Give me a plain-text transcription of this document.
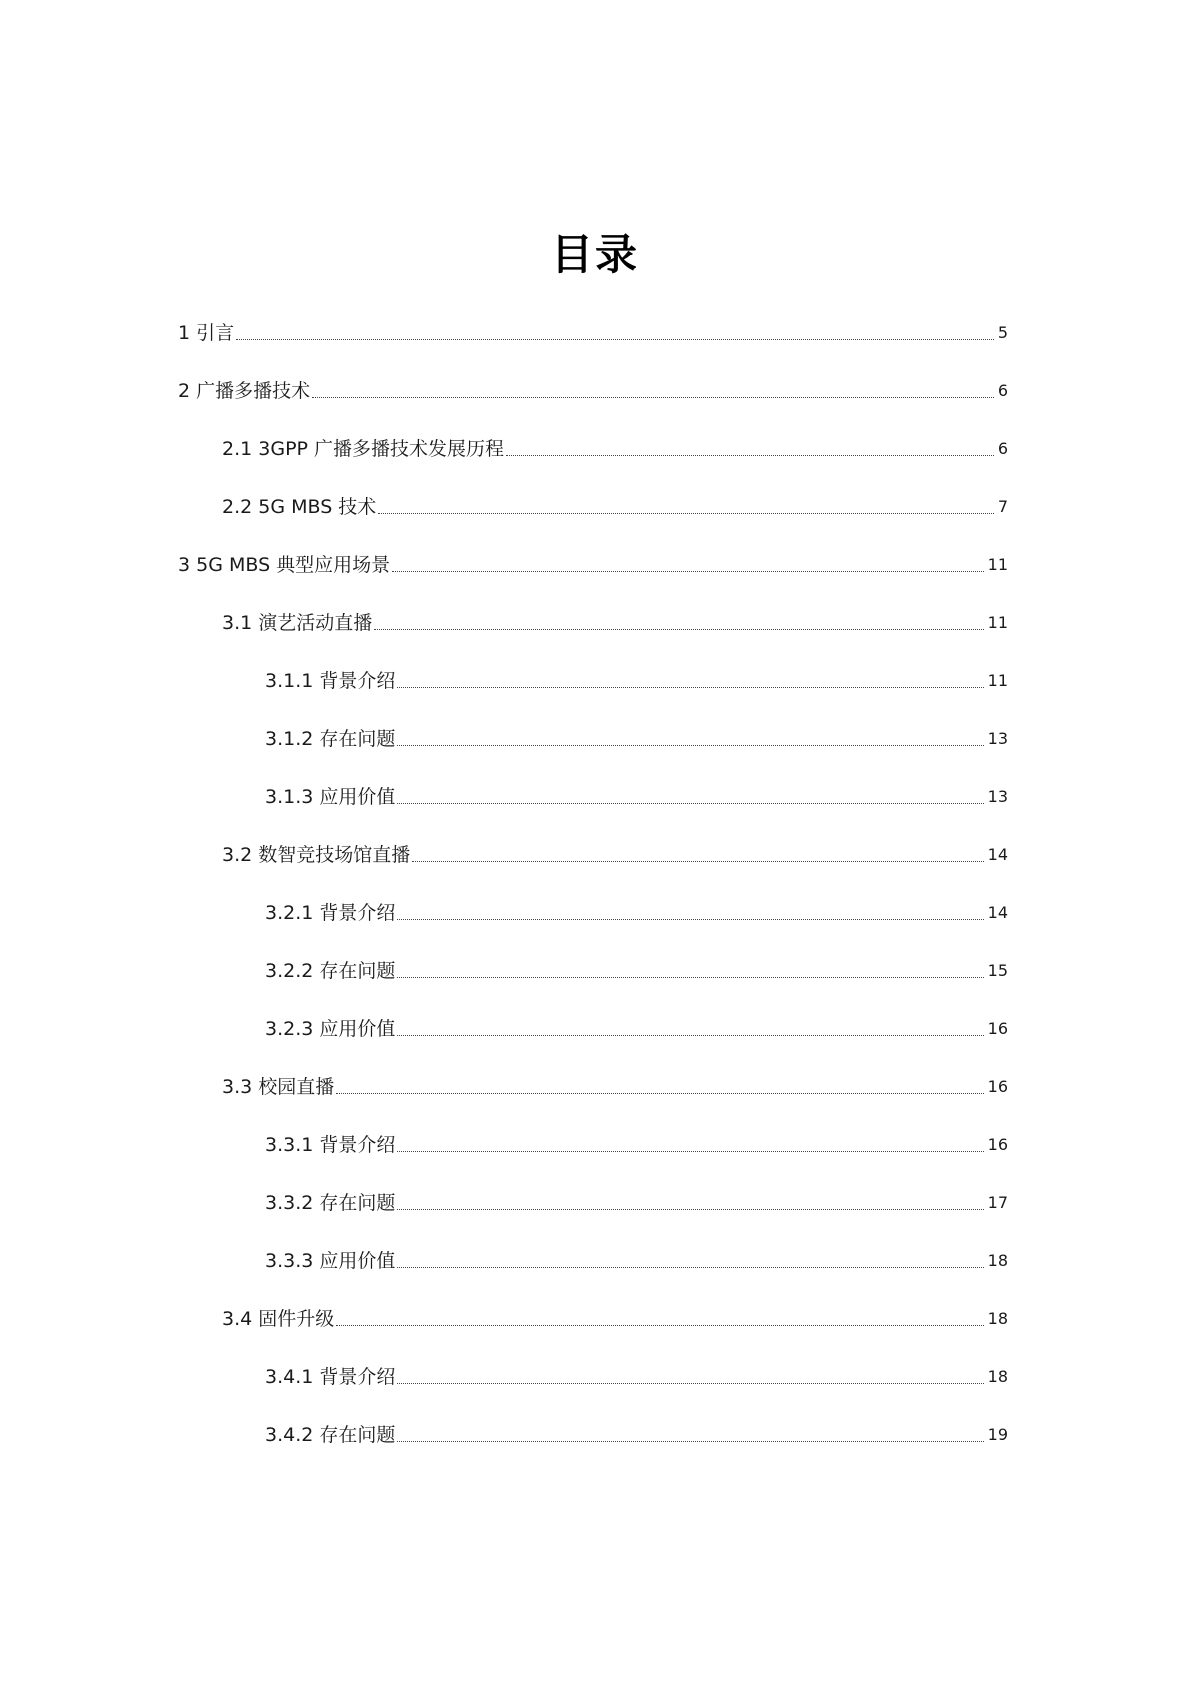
目录
1 引言	5
2 广播多播技术	6
2.1 3GPP 广播多播技术发展历程	6
2.2 5G MBS 技术	7
3 5G MBS 典型应用场景	11
3.1 演艺活动直播	11
3.1.1 背景介绍	11
3.1.2 存在问题	13
3.1.3 应用价值	13
3.2 数智竞技场馆直播	14
3.2.1 背景介绍	14
3.2.2 存在问题	15
3.2.3 应用价值	16
3.3 校园直播	16
3.3.1 背景介绍	16
3.3.2 存在问题	17
3.3.3 应用价值	18
3.4 固件升级	18
3.4.1 背景介绍	18
3.4.2 存在问题	19
